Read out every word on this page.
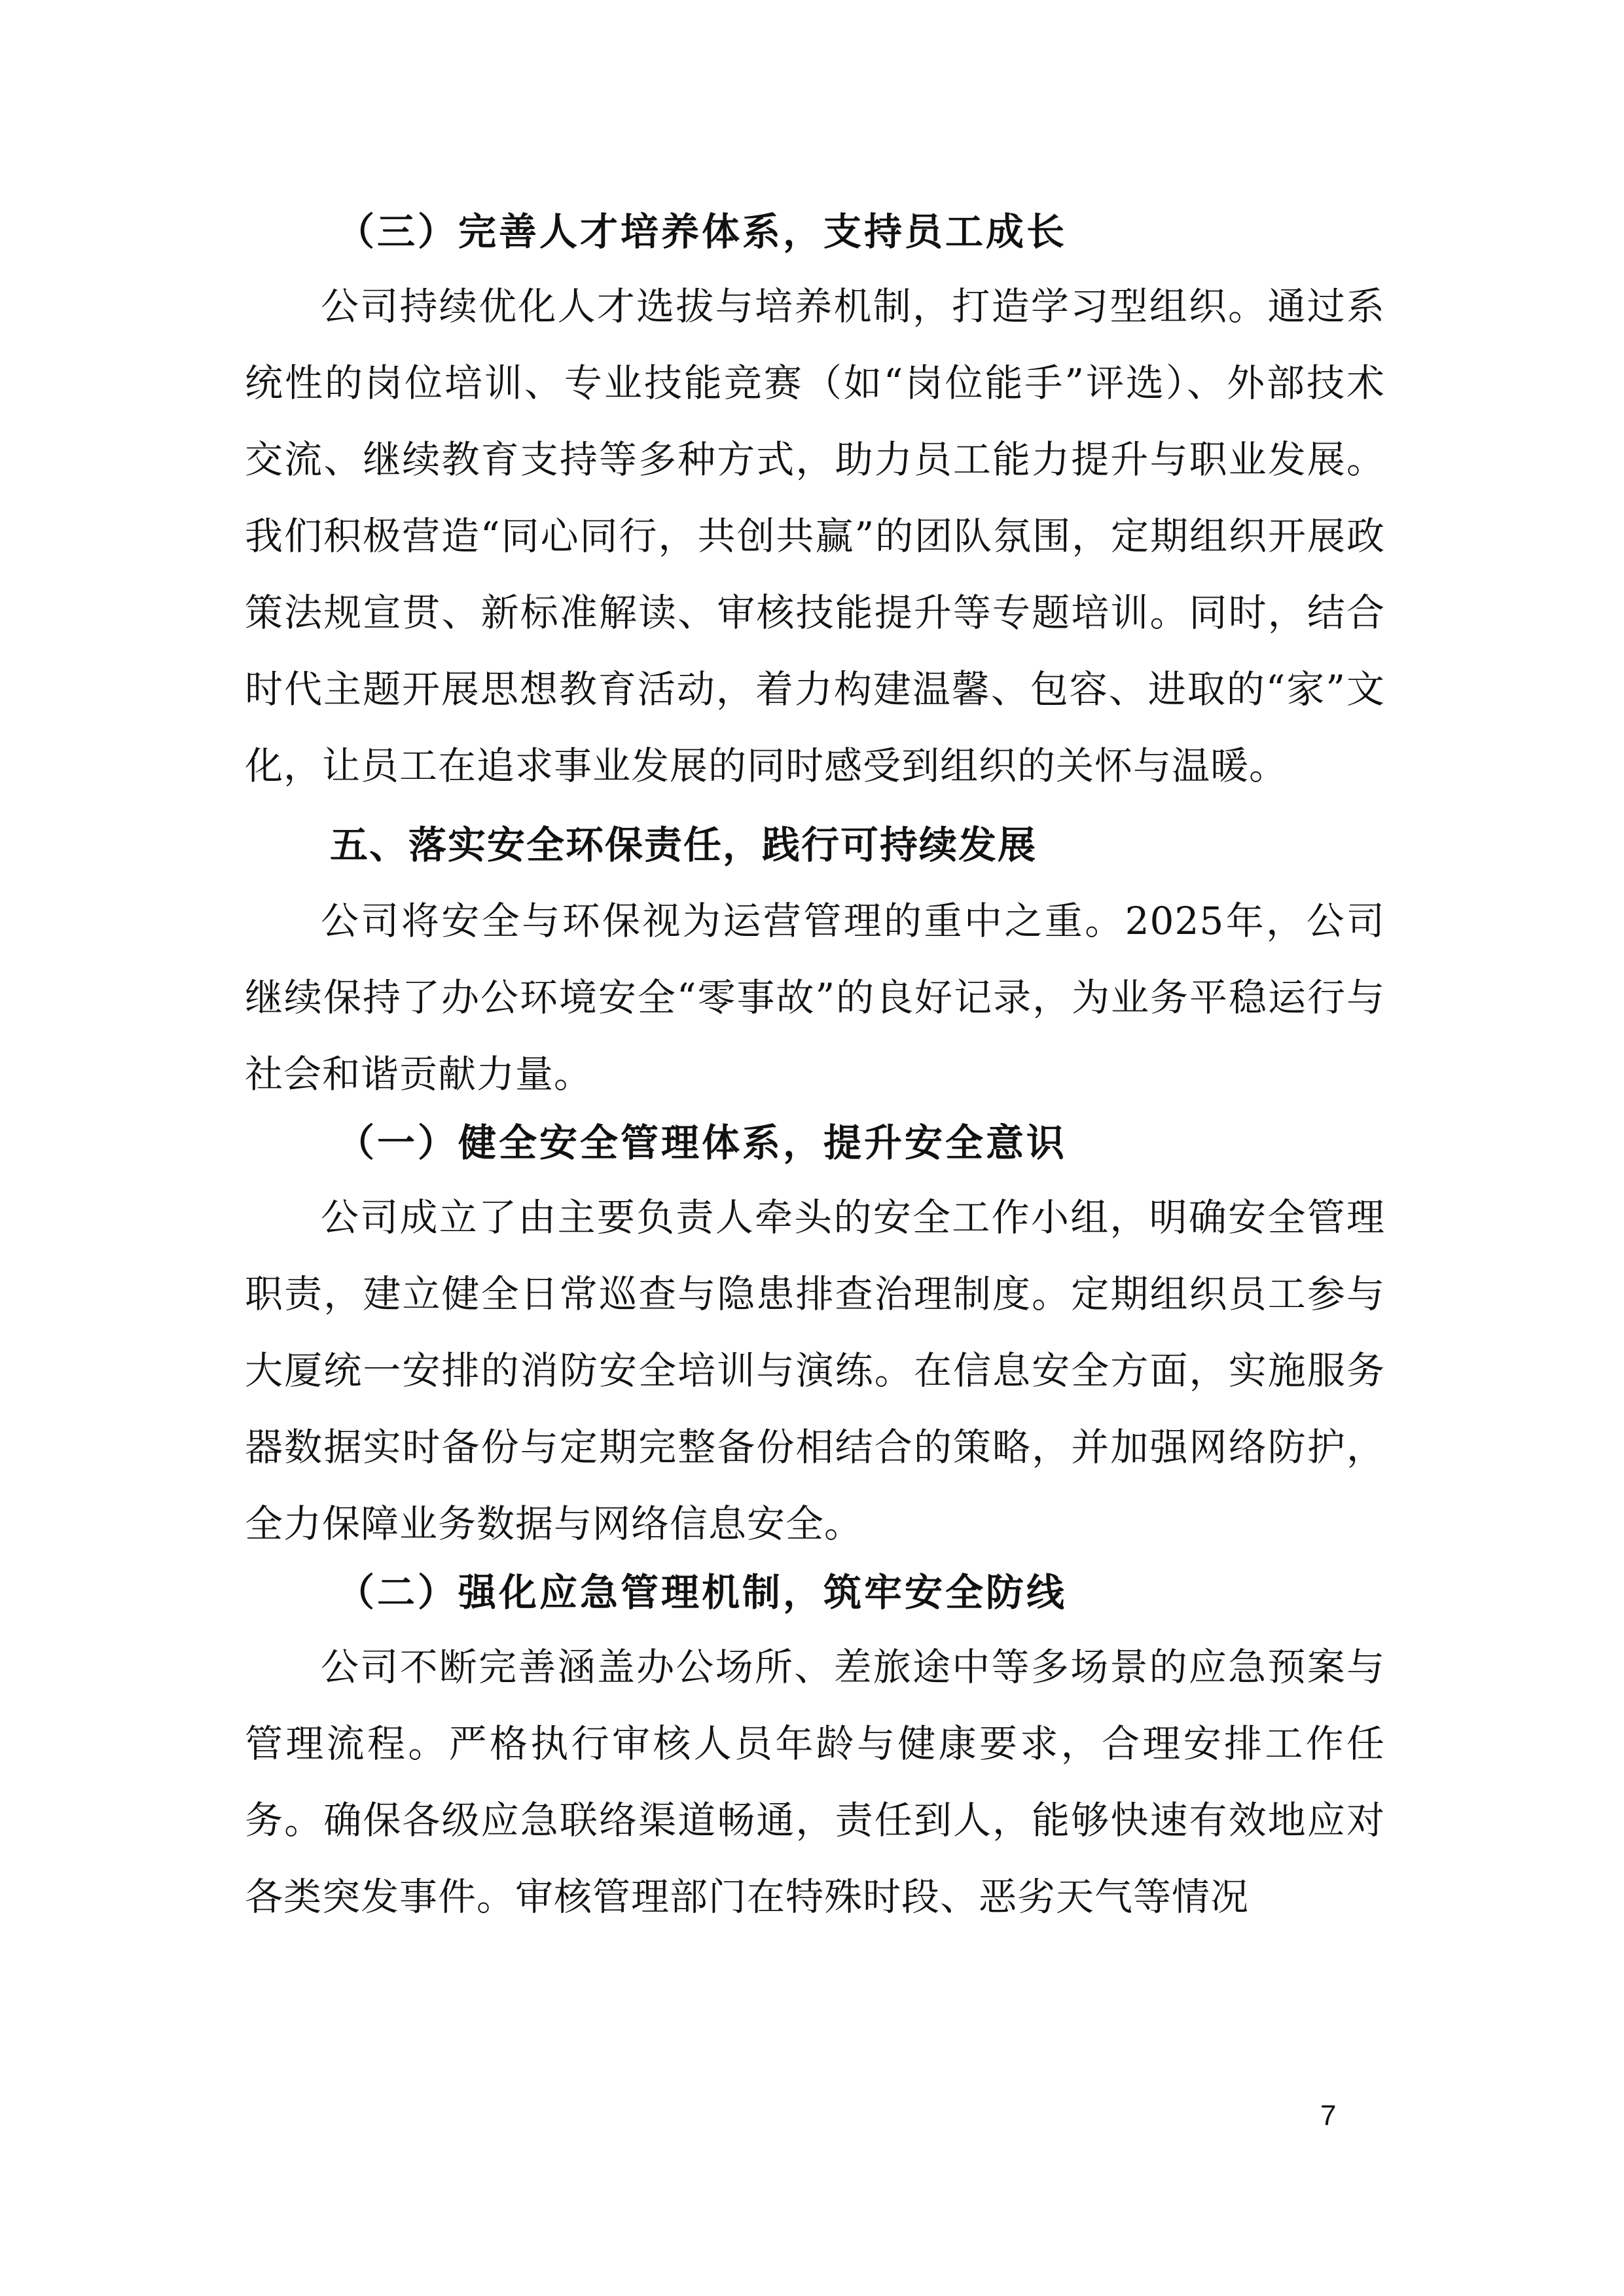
（三）完善人才培养体系，支持员工成长

公司持续优化人才选拔与培养机制，打造学习型组织。通过系统性的岗位培训、专业技能竞赛（如“岗位能手”评选）、外部技术交流、继续教育支持等多种方式，助力员工能力提升与职业发展。我们积极营造“同心同行，共创共赢”的团队氛围，定期组织开展政策法规宣贯、新标准解读、审核技能提升等专题培训。同时，结合时代主题开展思想教育活动，着力构建温馨、包容、进取的“家”文化，让员工在追求事业发展的同时感受到组织的关怀与温暖。

五、落实安全环保责任，践行可持续发展

公司将安全与环保视为运营管理的重中之重。2025年，公司继续保持了办公环境安全“零事故”的良好记录，为业务平稳运行与社会和谐贡献力量。

（一）健全安全管理体系，提升安全意识

公司成立了由主要负责人牵头的安全工作小组，明确安全管理职责，建立健全日常巡查与隐患排查治理制度。定期组织员工参与大厦统一安排的消防安全培训与演练。在信息安全方面，实施服务器数据实时备份与定期完整备份相结合的策略，并加强网络防护，全力保障业务数据与网络信息安全。

（二）强化应急管理机制，筑牢安全防线

公司不断完善涵盖办公场所、差旅途中等多场景的应急预案与管理流程。严格执行审核人员年龄与健康要求，合理安排工作任务。确保各级应急联络渠道畅通，责任到人，能够快速有效地应对各类突发事件。审核管理部门在特殊时段、恶劣天气等情况

7
